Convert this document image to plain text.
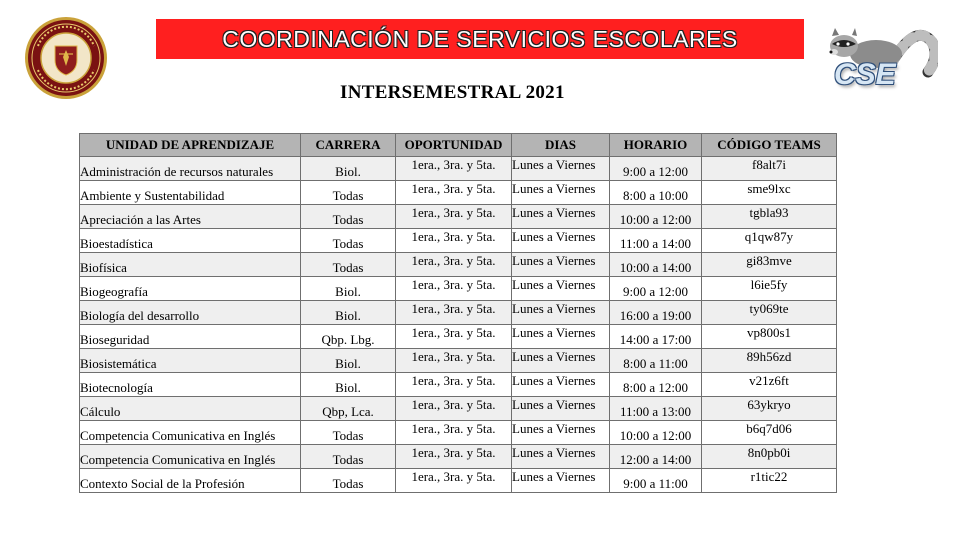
COORDINACIÓN DE SERVICIOS ESCOLARES
CSE
INTERSEMESTRAL 2021
UNIDAD DE APRENDIZAJE	CARRERA	OPORTUNIDAD	DIAS	HORARIO	CÓDIGO TEAMS
Administración de recursos naturales	Biol.	1era., 3ra. y 5ta.	Lunes a Viernes	9:00 a 12:00	f8alt7i
Ambiente y Sustentabilidad	Todas	1era., 3ra. y 5ta.	Lunes a Viernes	8:00 a 10:00	sme9lxc
Apreciación a las Artes	Todas	1era., 3ra. y 5ta.	Lunes a Viernes	10:00 a 12:00	tgbla93
Bioestadística	Todas	1era., 3ra. y 5ta.	Lunes a Viernes	11:00 a 14:00	q1qw87y
Biofísica	Todas	1era., 3ra. y 5ta.	Lunes a Viernes	10:00 a 14:00	gi83mve
Biogeografía	Biol.	1era., 3ra. y 5ta.	Lunes a Viernes	9:00 a 12:00	l6ie5fy
Biología del desarrollo	Biol.	1era., 3ra. y 5ta.	Lunes a Viernes	16:00 a 19:00	ty069te
Bioseguridad	Qbp. Lbg.	1era., 3ra. y 5ta.	Lunes a Viernes	14:00 a 17:00	vp800s1
Biosistemática	Biol.	1era., 3ra. y 5ta.	Lunes a Viernes	8:00 a 11:00	89h56zd
Biotecnología	Biol.	1era., 3ra. y 5ta.	Lunes a Viernes	8:00 a 12:00	v21z6ft
Cálculo	Qbp, Lca.	1era., 3ra. y 5ta.	Lunes a Viernes	11:00 a 13:00	63ykryo
Competencia Comunicativa en Inglés	Todas	1era., 3ra. y 5ta.	Lunes a Viernes	10:00 a 12:00	b6q7d06
Competencia Comunicativa en Inglés	Todas	1era., 3ra. y 5ta.	Lunes a Viernes	12:00 a 14:00	8n0pb0i
Contexto Social de la Profesión	Todas	1era., 3ra. y 5ta.	Lunes a Viernes	9:00 a 11:00	r1tic22
